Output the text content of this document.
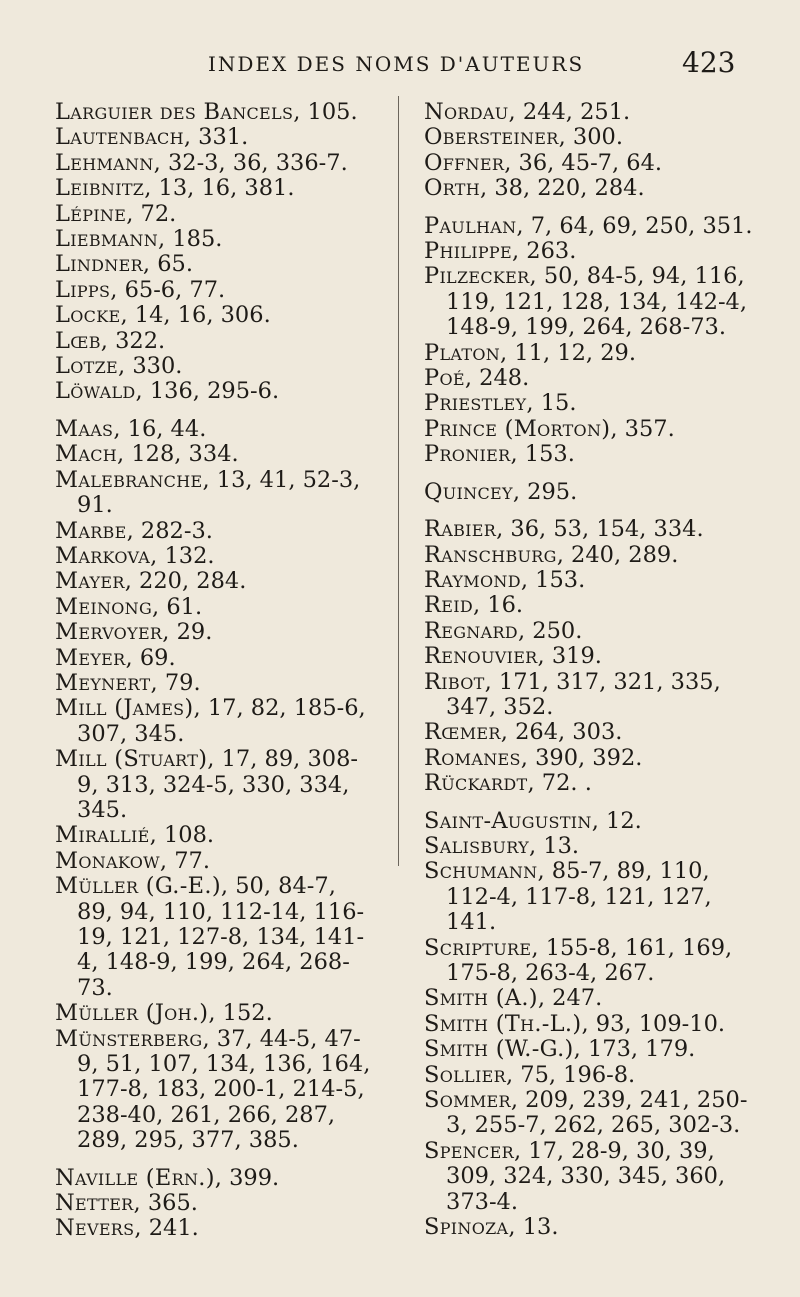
INDEX DES NOMS D'AUTEURS	423
Larguier des Bancels, 105.
Lautenbach, 331.
Lehmann, 32-3, 36, 336-7.
Leibnitz, 13, 16, 381.
Lépine, 72.
Liebmann, 185.
Lindner, 65.
Lipps, 65-6, 77.
Locke, 14, 16, 306.
Lœb, 322.
Lotze, 330.
Löwald, 136, 295-6.
Maas, 16, 44.
Mach, 128, 334.
Malebranche, 13, 41, 52-3, 91.
Marbe, 282-3.
Markova, 132.
Mayer, 220, 284.
Meinong, 61.
Mervoyer, 29.
Meyer, 69.
Meynert, 79.
Mill (James), 17, 82, 185-6, 307, 345.
Mill (Stuart), 17, 89, 308-9, 313, 324-5, 330, 334, 345.
Mirallié, 108.
Monakow, 77.
Müller (G.-E.), 50, 84-7, 89, 94, 110, 112-14, 116-19, 121, 127-8, 134, 141-4, 148-9, 199, 264, 268-73.
Müller (Joh.), 152.
Münsterberg, 37, 44-5, 47-9, 51, 107, 134, 136, 164, 177-8, 183, 200-1, 214-5, 238-40, 261, 266, 287, 289, 295, 377, 385.
Naville (Ern.), 399.
Netter, 365.
Nevers, 241.
Nordau, 244, 251.
Obersteiner, 300.
Offner, 36, 45-7, 64.
Orth, 38, 220, 284.
Paulhan, 7, 64, 69, 250, 351.
Philippe, 263.
Pilzecker, 50, 84-5, 94, 116, 119, 121, 128, 134, 142-4, 148-9, 199, 264, 268-73.
Platon, 11, 12, 29.
Poé, 248.
Priestley, 15.
Prince (Morton), 357.
Pronier, 153.
Quincey, 295.
Rabier, 36, 53, 154, 334.
Ranschburg, 240, 289.
Raymond, 153.
Reid, 16.
Regnard, 250.
Renouvier, 319.
Ribot, 171, 317, 321, 335, 347, 352.
Rœmer, 264, 303.
Romanes, 390, 392.
Rückardt, 72. .
Saint-Augustin, 12.
Salisbury, 13.
Schumann, 85-7, 89, 110, 112-4, 117-8, 121, 127, 141.
Scripture, 155-8, 161, 169, 175-8, 263-4, 267.
Smith (A.), 247.
Smith (Th.-L.), 93, 109-10.
Smith (W.-G.), 173, 179.
Sollier, 75, 196-8.
Sommer, 209, 239, 241, 250-3, 255-7, 262, 265, 302-3.
Spencer, 17, 28-9, 30, 39, 309, 324, 330, 345, 360, 373-4.
Spinoza, 13.
